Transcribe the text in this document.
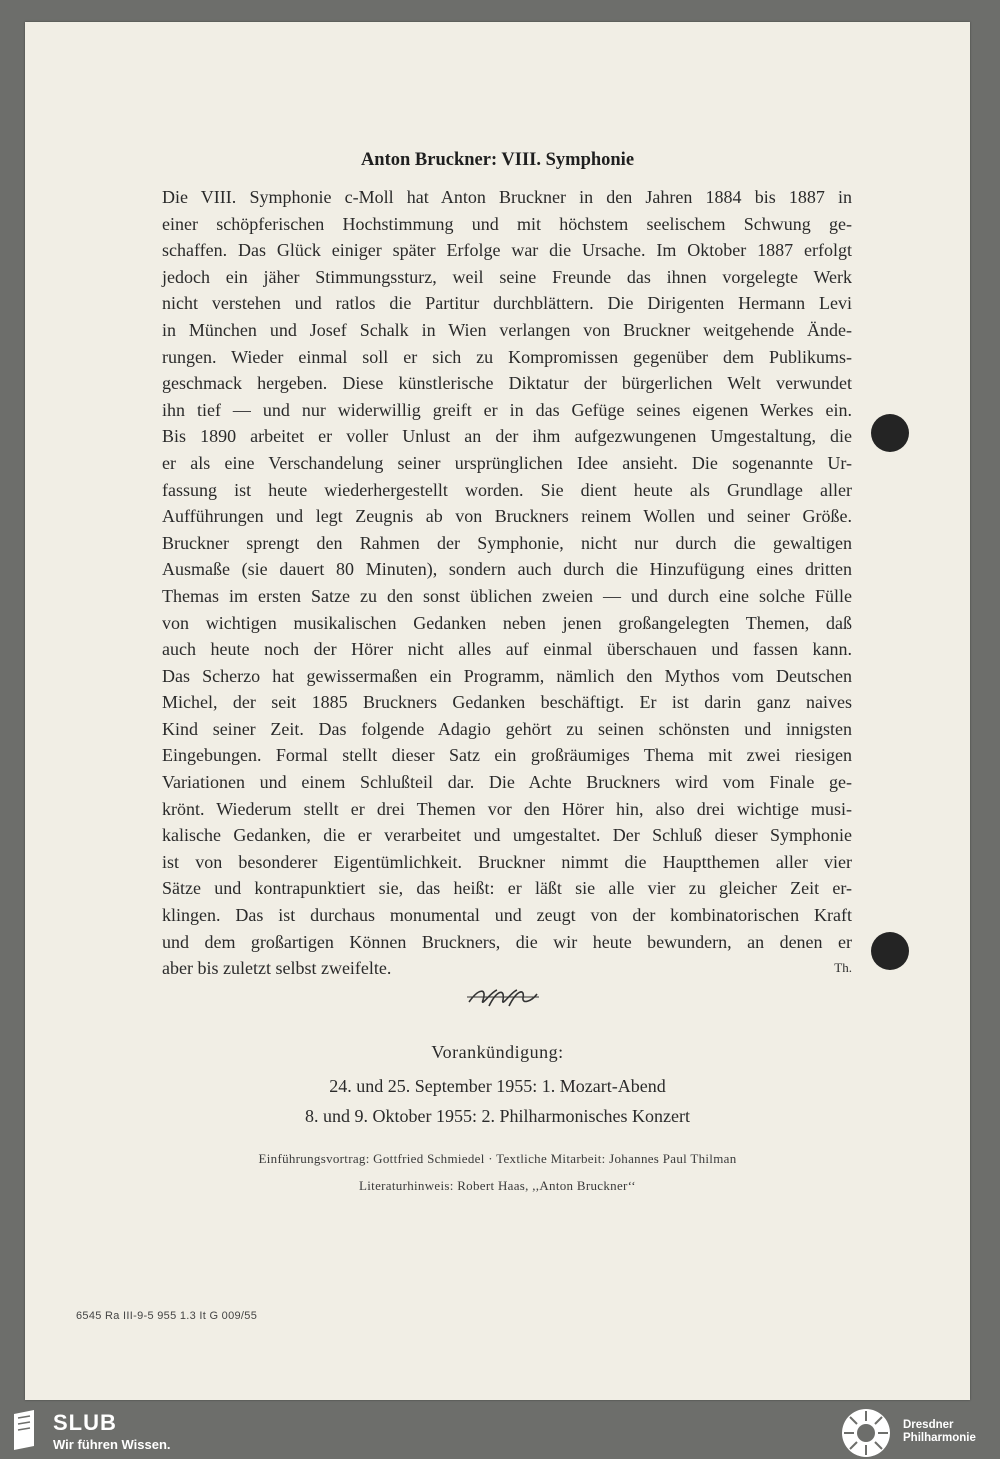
Anton Bruckner: VIII. Symphonie
Die VIII. Symphonie c-Moll hat Anton Bruckner in den Jahren 1884 bis 1887 in
einer schöpferischen Hochstimmung und mit höchstem seelischem Schwung ge-
schaffen. Das Glück einiger später Erfolge war die Ursache. Im Oktober 1887 erfolgt
jedoch ein jäher Stimmungssturz, weil seine Freunde das ihnen vorgelegte Werk
nicht verstehen und ratlos die Partitur durchblättern. Die Dirigenten Hermann Levi
in München und Josef Schalk in Wien verlangen von Bruckner weitgehende Ände-
rungen. Wieder einmal soll er sich zu Kompromissen gegenüber dem Publikums-
geschmack hergeben. Diese künstlerische Diktatur der bürgerlichen Welt verwundet
ihn tief — und nur widerwillig greift er in das Gefüge seines eigenen Werkes ein.
Bis 1890 arbeitet er voller Unlust an der ihm aufgezwungenen Umgestaltung, die
er als eine Verschandelung seiner ursprünglichen Idee ansieht. Die sogenannte Ur-
fassung ist heute wiederhergestellt worden. Sie dient heute als Grundlage aller
Aufführungen und legt Zeugnis ab von Bruckners reinem Wollen und seiner Größe.
Bruckner sprengt den Rahmen der Symphonie, nicht nur durch die gewaltigen
Ausmaße (sie dauert 80 Minuten), sondern auch durch die Hinzufügung eines dritten
Themas im ersten Satze zu den sonst üblichen zweien — und durch eine solche Fülle
von wichtigen musikalischen Gedanken neben jenen großangelegten Themen, daß
auch heute noch der Hörer nicht alles auf einmal überschauen und fassen kann.
Das Scherzo hat gewissermaßen ein Programm, nämlich den Mythos vom Deutschen
Michel, der seit 1885 Bruckners Gedanken beschäftigt. Er ist darin ganz naives
Kind seiner Zeit. Das folgende Adagio gehört zu seinen schönsten und innigsten
Eingebungen. Formal stellt dieser Satz ein großräumiges Thema mit zwei riesigen
Variationen und einem Schlußteil dar. Die Achte Bruckners wird vom Finale ge-
krönt. Wiederum stellt er drei Themen vor den Hörer hin, also drei wichtige musi-
kalische Gedanken, die er verarbeitet und umgestaltet. Der Schluß dieser Symphonie
ist von besonderer Eigentümlichkeit. Bruckner nimmt die Hauptthemen aller vier
Sätze und kontrapunktiert sie, das heißt: er läßt sie alle vier zu gleicher Zeit er-
klingen. Das ist durchaus monumental und zeugt von der kombinatorischen Kraft
und dem großartigen Können Bruckners, die wir heute bewundern, an denen er
aber bis zuletzt selbst zweifelte.	Th.
Vorankündigung:
24. und 25. September 1955: 1. Mozart-Abend
8. und 9. Oktober 1955: 2. Philharmonisches Konzert
Einführungsvortrag: Gottfried Schmiedel · Textliche Mitarbeit: Johannes Paul Thilman
Literaturhinweis: Robert Haas, ,,Anton Bruckner‘‘
6545 Ra III-9-5 955 1.3 It G 009/55
SLUB
Wir führen Wissen.
Dresdner
Philharmonie
